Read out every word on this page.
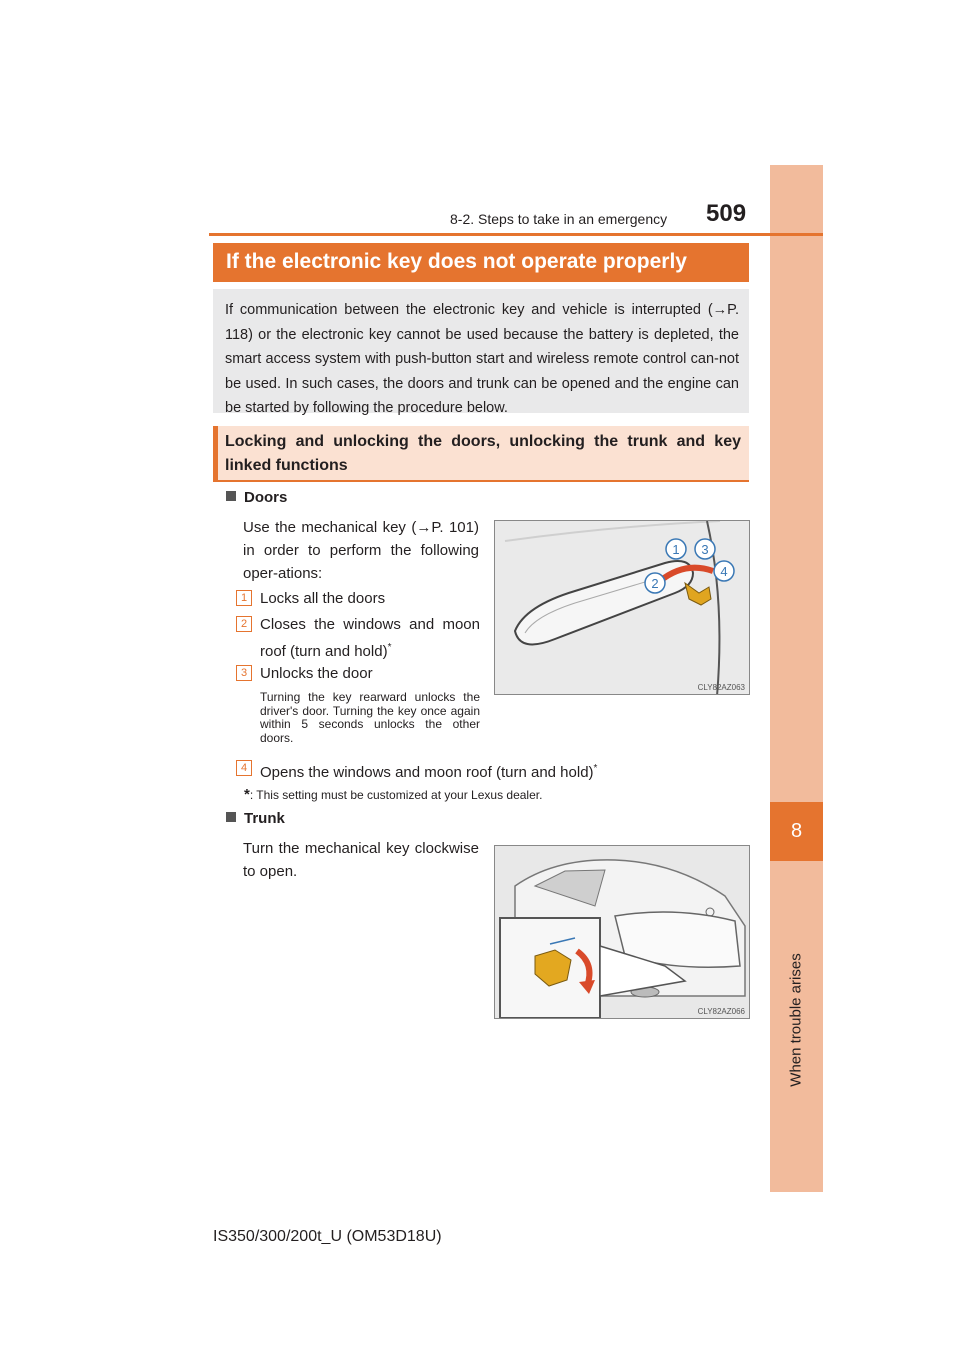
8
When trouble arises
8-2. Steps to take in an emergency 509
If the electronic key does not operate properly
If communication between the electronic key and vehicle is interrupted (→P. 118) or the electronic key cannot be used because the battery is depleted, the smart access system with push-button start and wireless remote control can-not be used. In such cases, the doors and trunk can be opened and the engine can be started by following the procedure below.
Locking and unlocking the doors, unlocking the trunk and key linked functions
Doors
Use the mechanical key (→P. 101) in order to perform the following oper-ations:
1 Locks all the doors
2 Closes the windows and moon roof (turn and hold)*
3 Unlocks the door
Turning the key rearward unlocks the driver's door. Turning the key once again within 5 seconds unlocks the other doors.
4 Opens the windows and moon roof (turn and hold)*
*: This setting must be customized at your Lexus dealer.
1
2
3
4
CLY82AZ063
Trunk
Turn the mechanical key clockwise to open.
CLY82AZ066
IS350/300/200t_U (OM53D18U)
